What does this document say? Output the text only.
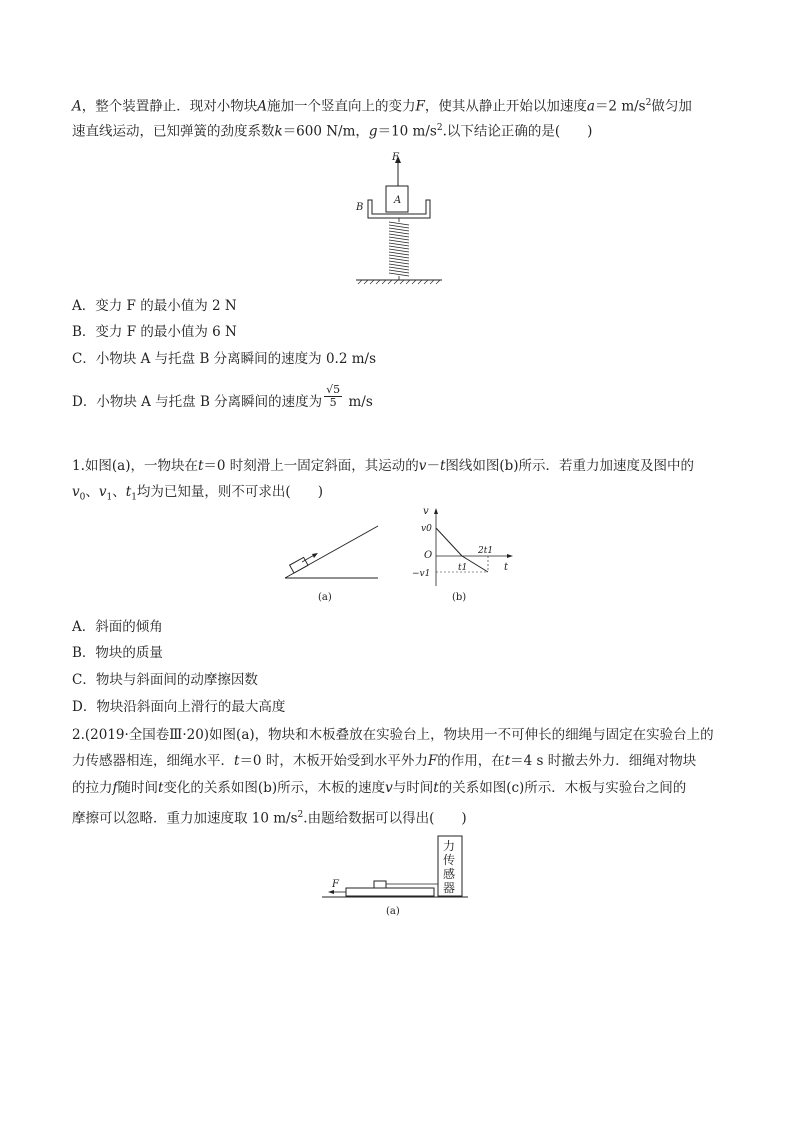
A，整个装置静止．现对小物块A施加一个竖直向上的变力F，使其从静止开始以加速度a＝2 $m/s^2$做匀加
速直线运动，已知弹簧的劲度系数k＝600 N/m，g＝10 $m/s^2$.以下结论正确的是(　　)
F
A
B
A．变力 F 的最小值为 2 N
B．变力 F 的最小值为 6 N
C．小物块 A 与托盘 B 分离瞬间的速度为 0.2 m/s
D．小物块 A 与托盘 B 分离瞬间的速度为 $\frac{√5}{5} m/s$
1.如图(a)，一物块在t＝0 时刻滑上一固定斜面，其运动的v－t图线如图(b)所示．若重力加速度及图中的
$v_0$、$v_1$、$t_1$均为已知量，则不可求出(　　)
(a)
v
v0
O	2t1
t1	t
−v1
(b)
A．斜面的倾角
B．物块的质量
C．物块与斜面间的动摩擦因数
D．物块沿斜面向上滑行的最大高度
2.(2019·全国卷Ⅲ·20)如图(a)，物块和木板叠放在实验台上，物块用一不可伸长的细绳与固定在实验台上的
力传感器相连，细绳水平．t＝0 时，木板开始受到水平外力F的作用，在t＝4 s 时撤去外力．细绳对物块
的拉力f随时间t变化的关系如图(b)所示，木板的速度v与时间t的关系如图(c)所示．木板与实验台之间的
摩擦可以忽略．重力加速度取 10 $m/s^2$.由题给数据可以得出(　　)
力
传
感
器
F
(a)
